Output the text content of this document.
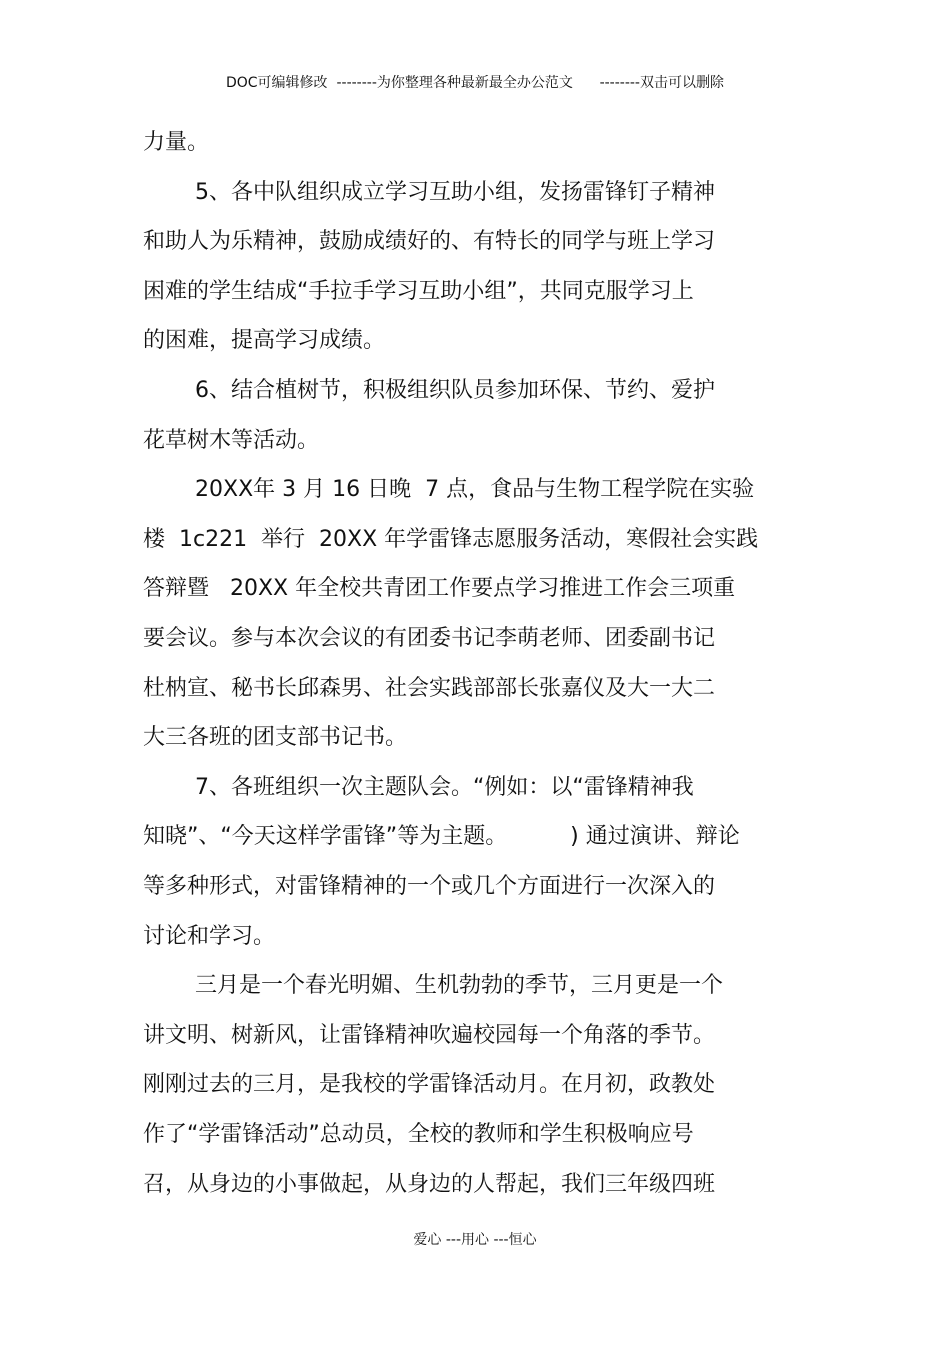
DOC可编辑修改  --------为你整理各种最新最全办公范文      --------双击可以删除
力量。
5、各中队组织成立学习互助小组，发扬雷锋钉子精神
和助人为乐精神，鼓励成绩好的、有特长的同学与班上学习
困难的学生结成“手拉手学习互助小组”，共同克服学习上
的困难，提高学习成绩。
6、结合植树节，积极组织队员参加环保、节约、爱护
花草树木等活动。
20XX年 3 月 16 日晚  7 点，食品与生物工程学院在实验
楼  1c221  举行  20XX 年学雷锋志愿服务活动，寒假社会实践
答辩暨   20XX 年全校共青团工作要点学习推进工作会三项重
要会议。参与本次会议的有团委书记李萌老师、团委副书记
杜枘宣、秘书长邱森男、社会实践部部长张嘉仪及大一大二
大三各班的团支部书记书。
7、各班组织一次主题队会。“例如：以“雷锋精神我
知晓”、“今天这样学雷锋”等为主题。         ) 通过演讲、辩论
等多种形式，对雷锋精神的一个或几个方面进行一次深入的
讨论和学习。
三月是一个春光明媚、生机勃勃的季节，三月更是一个
讲文明、树新风，让雷锋精神吹遍校园每一个角落的季节。
刚刚过去的三月，是我校的学雷锋活动月。在月初，政教处
作了“学雷锋活动”总动员，全校的教师和学生积极响应号
召，从身边的小事做起，从身边的人帮起，我们三年级四班
爱心 ---用心 ---恒心
